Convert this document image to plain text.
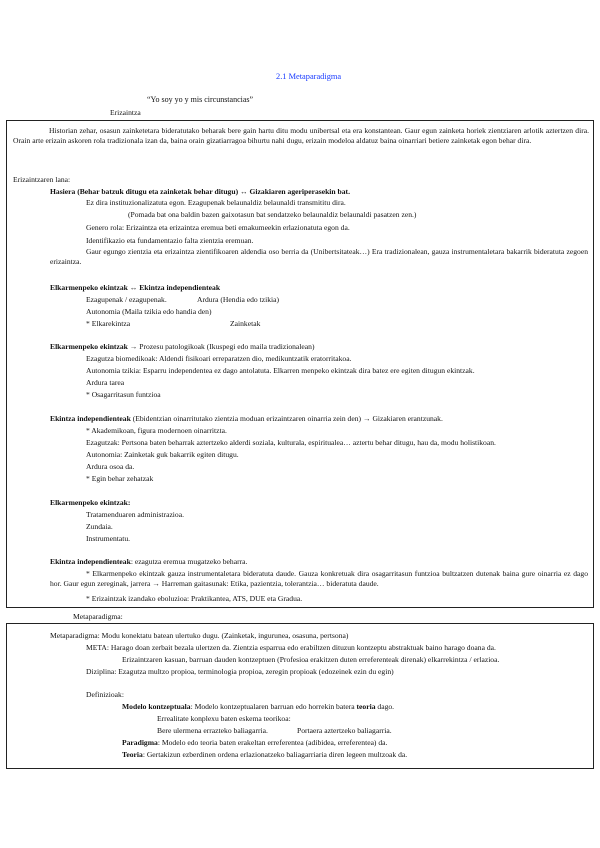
2.1 Metaparadigma
“Yo soy yo y mis circunstancias”
Erizaintza
Historian zehar, osasun zainketetara bideratutako beharak bere gain hartu ditu modu unibertsal eta era konstantean. Gaur egun zainketa horiek zientziaren arlotik aztertzen dira. Orain arte erizain askoren rola tradizionala izan da, baina orain gizatiarragoa bihurtu nahi dugu, erizain modeloa aldatuz baina oinarriari betiere zainketak egon behar dira.
Erizaintzaren lana:
Hasiera (Behar batzuk ditugu eta zainketak behar ditugu) ↔ Gizakiaren ageriperasekin bat.
Ez dira instituzionalizatuta egon. Ezagupenak belaunaldiz belaunaldi transmititu dira.
(Pomada bat ona baldin bazen gaixotasun bat sendatzeko belaunaldiz belaunaldi pasatzen zen.)
Genero rola: Erizaintza eta erizaintza eremua beti emakumeekin erlazionatuta egon da.
Identifikazio eta fundamentazio falta zientzia eremuan.
Gaur egungo zientzia eta erizaintza zientifikoaren aldendia oso berria da (Unibertsitateak…) Era tradizionalean, gauza instrumentaletara bakarrik bideratuta zegoen erizaintza.
Elkarmenpeko ekintzak ↔ Ekintza independienteak
Ezagupenak / ezagupenak.	Ardura (Hendia edo tzikia)
Autonomia (Maila tzikia edo handia den)
* Elkarekintza	Zainketak
Elkarmenpeko ekintzak → Prozesu patologikoak (Ikuspegi edo maila tradizionalean)
Ezagutza biomedikoak: Aldendi fisikoari erreparatzen dio, medikuntzatik eratorritakoa.
Autonomia tzikia: Esparru independentea ez dago antolatuta. Elkarren menpeko ekintzak dira batez ere egiten ditugun ekintzak.
Ardura tarea
* Osagarritasun funtzioa
Ekintza independienteak (Ebidentzian oinarritutako zientzia moduan erizaintzaren oinarria zein den) → Gizakiaren erantzunak.
* Akademikoan, figura modernoen oinarritzta.
Ezagutzak: Pertsona baten beharrak aztertzeko alderdi soziala, kulturala, espiritualea… aztertu behar ditugu, hau da, modu holistikoan.
Autonomia: Zainketak guk bakarrik egiten ditugu.
Ardura osoa da.
* Egin behar zehatzak
Elkarmenpeko ekintzak:
Tratamenduaren administrazioa.
Zundaia.
Instrumentatu.
Ekintza independienteak: ezagutza eremua mugatzeko beharra.
* Elkarmenpeko ekintzak gauza instrumentaletara bideratuta daude. Gauza konkretuak dira osagarritasun funtzioa bultzatzen dutenak baina gure oinarria ez dago hor. Gaur egun zereginak, jarrera → Harreman gaitasunak: Etika, pazientzia, tolerantzia… bideratuta daude.
* Erizaintzak izandako eboluzioa: Praktikantea, ATS, DUE eta Gradua.
Metaparadigma:
Metaparadigma: Modu konektatu batean ulertuko dugu. (Zainketak, ingurunea, osasuna, pertsona)
META: Harago doan zerbait bezala ulertzen da. Zientzia esparrua edo erabiltzen dituzun kontzeptu abstraktuak baino harago doana da.
Erizaintzaren kasuan, barruan dauden kontzeptuen (Profesioa erakitzen duten erreferenteak direnak) elkarrekintza / erlazioa.
Diziplina: Ezagutza multzo propioa, terminologia propioa, zeregin propioak (edozeinek ezin du egin)
Definizioak:
Modelo kontzeptuala: Modelo kontzeptualaren barruan edo horrekin batera teoria dago.
Errealitate konplexu baten eskema teorikoa:
Bere ulermena errazteko baliagarria.	Portaera aztertzeko baliagarria.
Paradigma: Modelo edo teoria baten erakeltan erreferentea (adibidea, erreferentea) da.
Teoria: Gertakizun ezberdinen ordena erlazionatzeko baliagarriaria diren legeen multzoak da.
